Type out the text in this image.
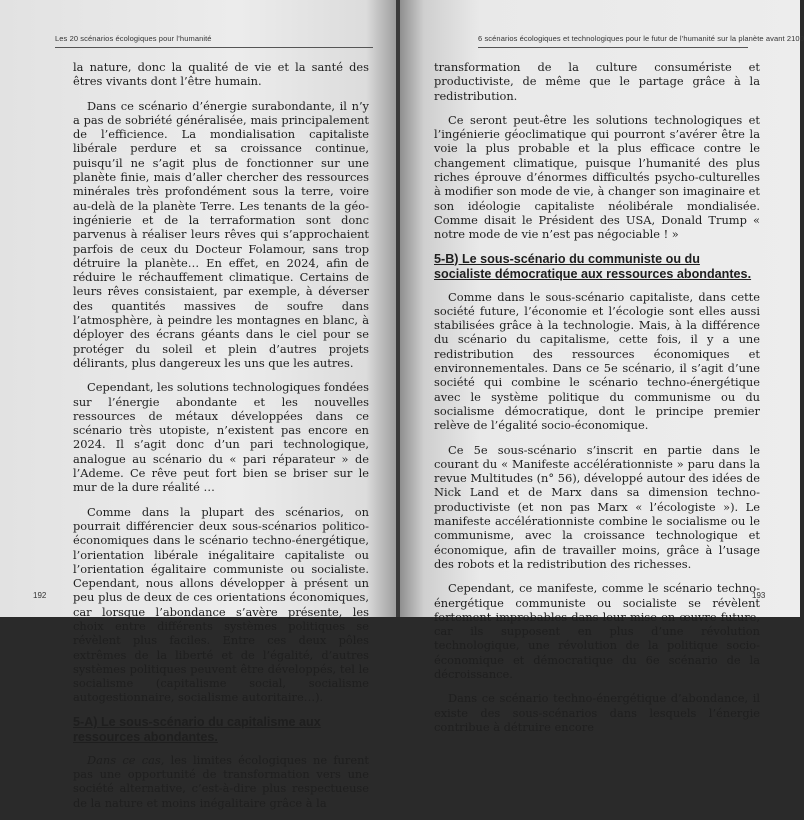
Les 20 scénarios écologiques pour l’humanité

la nature, donc la qualité de vie et la santé des êtres vivants dont l’être humain.

Dans ce scénario d’énergie surabondante, il n’y a pas de sobriété généralisée, mais principalement de l’efficience. La mondialisation capitaliste libérale perdure et sa croissance continue, puisqu’il ne s’agit plus de fonctionner sur une planète finie, mais d’aller chercher des ressources minérales très profondément sous la terre, voire au-delà de la planète Terre. Les tenants de la géo-ingénierie et de la terraformation sont donc parvenus à réaliser leurs rêves qui s’approchaient parfois de ceux du Docteur Folamour, sans trop détruire la planète… En effet, en 2024, afin de réduire le réchauffement climatique. Certains de leurs rêves consistaient, par exemple, à déverser des quantités massives de soufre dans l’atmosphère, à peindre les montagnes en blanc, à déployer des écrans géants dans le ciel pour se protéger du soleil et plein d’autres projets délirants, plus dangereux les uns que les autres.

Cependant, les solutions technologiques fondées sur l’énergie abondante et les nouvelles ressources de métaux développées dans ce scénario très utopiste, n’existent pas encore en 2024. Il s’agit donc d’un pari technologique, analogue au scénario du « pari réparateur » de l’Ademe. Ce rêve peut fort bien se briser sur le mur de la dure réalité …

Comme dans la plupart des scénarios, on pourrait différencier deux sous-scénarios politico-économiques dans le scénario techno-énergétique, l’orientation libérale inégalitaire capitaliste ou l’orientation égalitaire communiste ou socialiste. Cependant, nous allons développer à présent un peu plus de deux de ces orientations économiques, car lorsque l’abondance s’avère présente, les choix entre différents systèmes politiques se révèlent plus faciles. Entre ces deux pôles extrêmes de la liberté et de l’égalité, d’autres systèmes politiques peuvent être développés, tel le socialisme (capitalisme social, socialisme autogestionnaire, socialisme autoritaire…).

5-A) Le sous-scénario du capitalisme aux ressources abondantes.

Dans ce cas, les limites écologiques ne furent pas une opportunité de transformation vers une société alternative, c’est-à-dire plus respectueuse de la nature et moins inégalitaire grâce à la

192
6 scénarios écologiques et technologiques pour le futur de l’humanité sur la planète avant 2100

transformation de la culture consumériste et productiviste, de même que le partage grâce à la redistribution.

Ce seront peut-être les solutions technologiques et l’ingénierie géoclimatique qui pourront s’avérer être la voie la plus probable et la plus efficace contre le changement climatique, puisque l’humanité des plus riches éprouve d’énormes difficultés psycho-culturelles à modifier son mode de vie, à changer son imaginaire et son idéologie capitaliste néolibérale mondialisée. Comme disait le Président des USA, Donald Trump « notre mode de vie n’est pas négociable ! »

5-B) Le sous-scénario du communiste ou du socialiste démocratique aux ressources abondantes.

Comme dans le sous-scénario capitaliste, dans cette société future, l’économie et l’écologie sont elles aussi stabilisées grâce à la technologie. Mais, à la différence du scénario du capitalisme, cette fois, il y a une redistribution des ressources économiques et environnementales. Dans ce 5e scénario, il s’agit d’une société qui combine le scénario techno-énergétique avec le système politique du communisme ou du socialisme démocratique, dont le principe premier relève de l’égalité socio-économique.

Ce 5e sous-scénario s’inscrit en partie dans le courant du « Manifeste accélérationniste » paru dans la revue Multitudes (n° 56), développé autour des idées de Nick Land et de Marx dans sa dimension techno-productiviste (et non pas Marx « l’écologiste »). Le manifeste accélérationniste combine le socialisme ou le communisme, avec la croissance technologique et économique, afin de travailler moins, grâce à l’usage des robots et la redistribution des richesses.

Cependant, ce manifeste, comme le scénario techno-énergétique communiste ou socialiste se révèlent fortement improbables dans leur mise en œuvre future, car ils supposent en plus d’une révolution technologique, une révolution de la politique socio-économique et démocratique du 6e scénario de la décroissance.

Dans ce scénario techno-énergétique d’abondance, il existe des sous-scénarios dans lesquels l’énergie contribue à détruire encore

193
